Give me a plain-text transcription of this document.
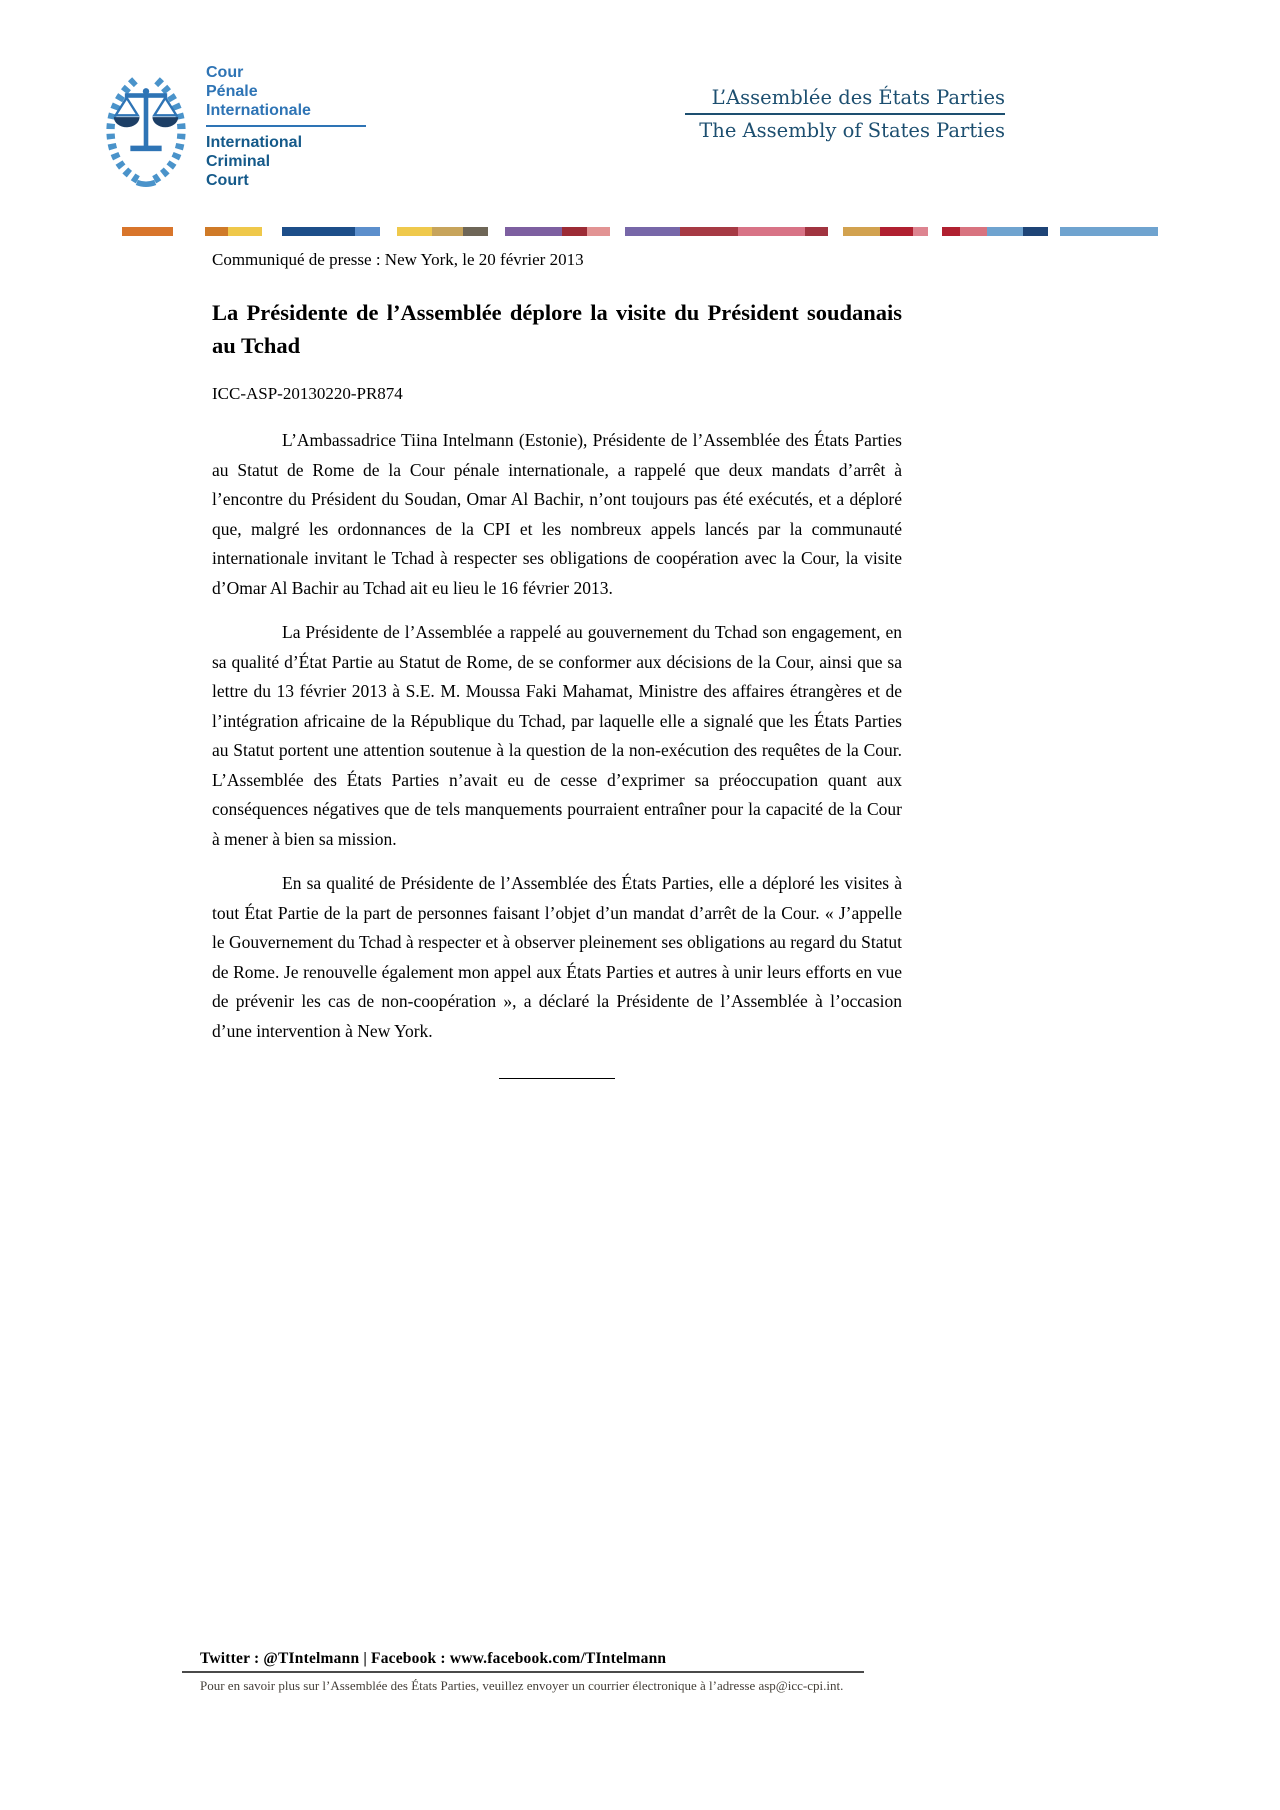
Cour
Pénale
Internationale
International
Criminal
Court
L’Assemblée des États Parties
The Assembly of States Parties

Communiqué de presse : New York, le 20 février 2013

La Présidente de l’Assemblée déplore la visite du Président soudanais au Tchad

ICC-ASP-20130220-PR874

L’Ambassadrice Tiina Intelmann (Estonie), Présidente de l’Assemblée des États Parties au Statut de Rome de la Cour pénale internationale, a rappelé que deux mandats d’arrêt à l’encontre du Président du Soudan, Omar Al Bachir, n’ont toujours pas été exécutés, et a déploré que, malgré les ordonnances de la CPI et les nombreux appels lancés par la communauté internationale invitant le Tchad à respecter ses obligations de coopération avec la Cour, la visite d’Omar Al Bachir au Tchad ait eu lieu le 16 février 2013.

La Présidente de l’Assemblée a rappelé au gouvernement du Tchad son engagement, en sa qualité d’État Partie au Statut de Rome, de se conformer aux décisions de la Cour, ainsi que sa lettre du 13 février 2013 à S.E. M. Moussa Faki Mahamat, Ministre des affaires étrangères et de l’intégration africaine de la République du Tchad, par laquelle elle a signalé que les États Parties au Statut portent une attention soutenue à la question de la non-exécution des requêtes de la Cour. L’Assemblée des États Parties n’avait eu de cesse d’exprimer sa préoccupation quant aux conséquences négatives que de tels manquements pourraient entraîner pour la capacité de la Cour à mener à bien sa mission.

En sa qualité de Présidente de l’Assemblée des États Parties, elle a déploré les visites à tout État Partie de la part de personnes faisant l’objet d’un mandat d’arrêt de la Cour. « J’appelle le Gouvernement du Tchad à respecter et à observer pleinement ses obligations au regard du Statut de Rome. Je renouvelle également mon appel aux États Parties et autres à unir leurs efforts en vue de prévenir les cas de non-coopération », a déclaré la Présidente de l’Assemblée à l’occasion d’une intervention à New York.

Twitter : @TIntelmann | Facebook : www.facebook.com/TIntelmann

Pour en savoir plus sur l’Assemblée des États Parties, veuillez envoyer un courrier électronique à l’adresse asp@icc-cpi.int.
